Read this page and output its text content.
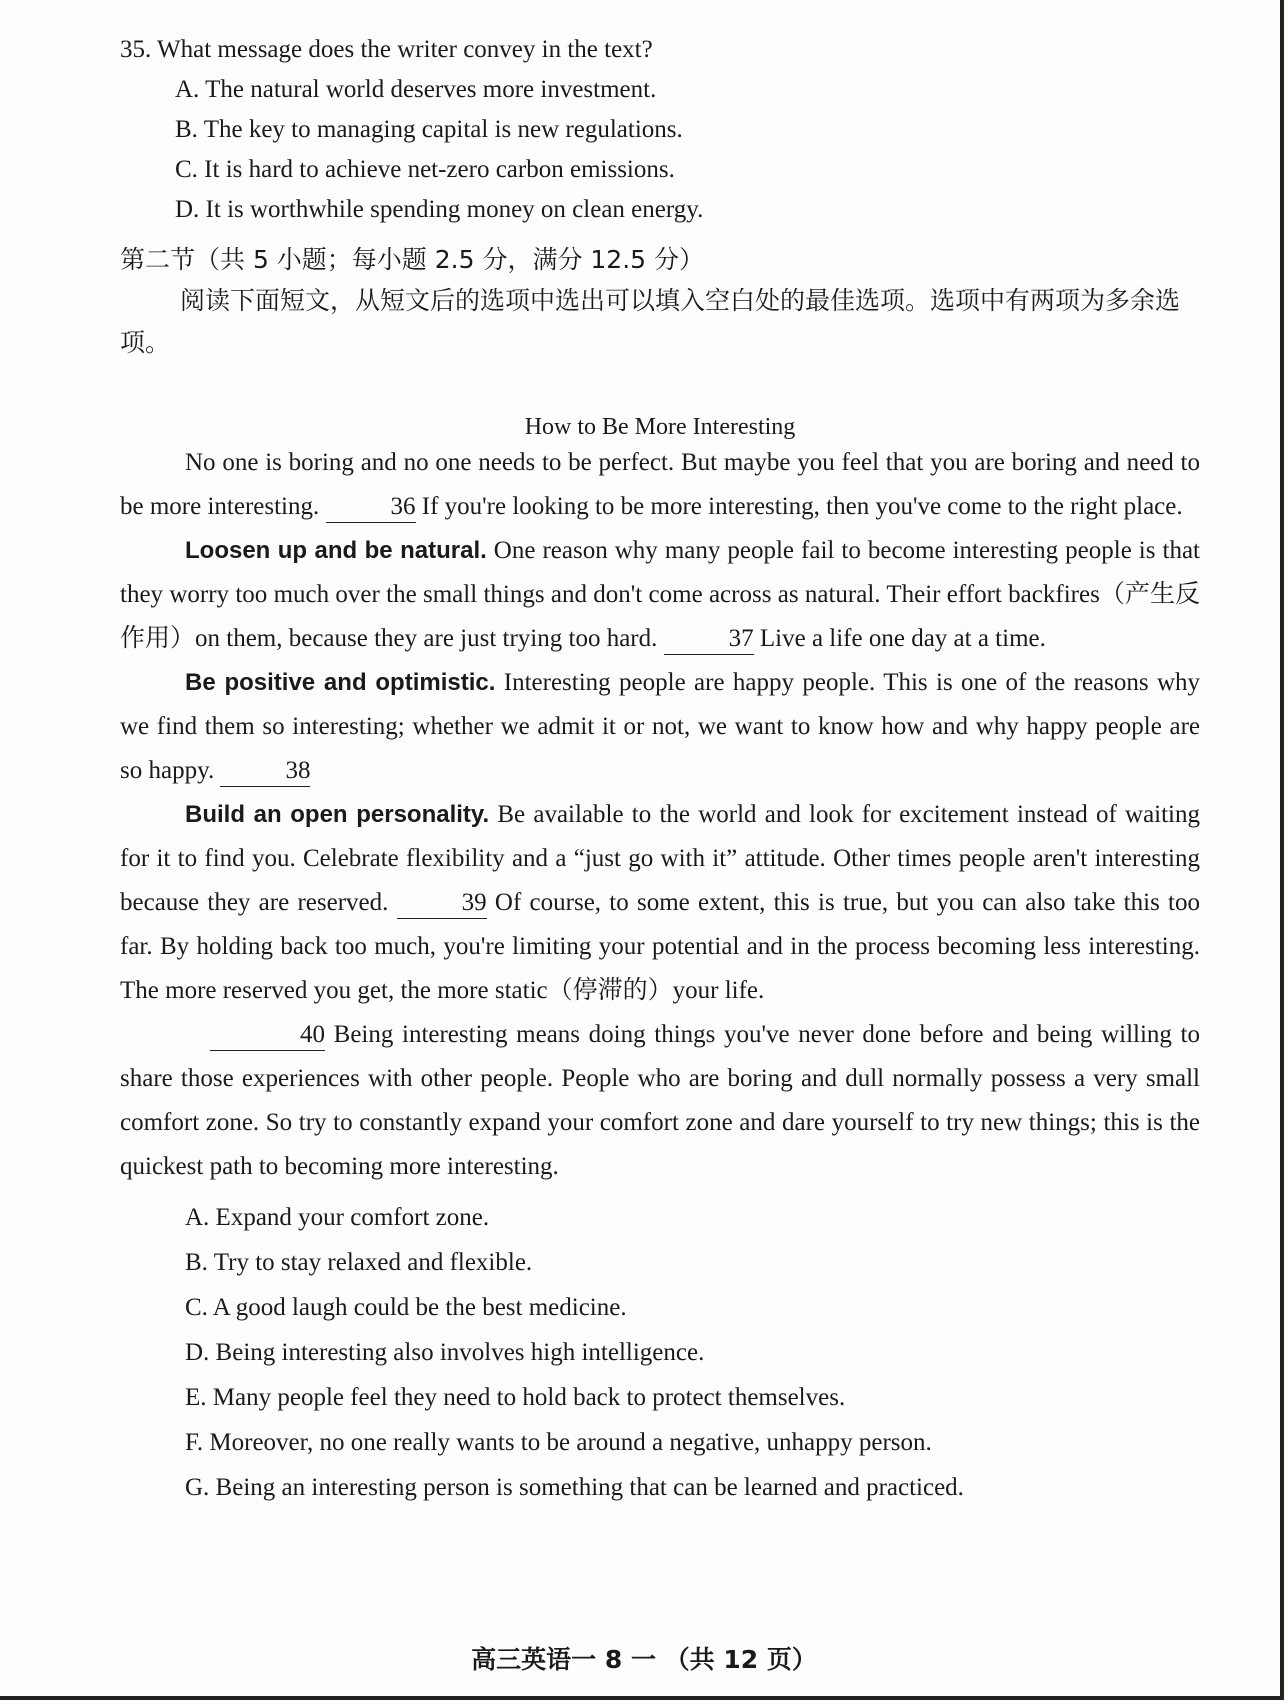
35. What message does the writer convey in the text?
A. The natural world deserves more investment.
B. The key to managing capital is new regulations.
C. It is hard to achieve net-zero carbon emissions.
D. It is worthwhile spending money on clean energy.
第二节（共 5 小题；每小题 2.5 分，满分 12.5 分）
阅读下面短文，从短文后的选项中选出可以填入空白处的最佳选项。选项中有两项为多余选项。
How to Be More Interesting

No one is boring and no one needs to be perfect. But maybe you feel that you are boring and need to be more interesting.	36 If you're looking to be more interesting, then you've come to the right place.

Loosen up and be natural. One reason why many people fail to become interesting people is that they worry too much over the small things and don't come across as natural. Their effort backfires（产生反作用）on them, because they are just trying too hard.	37 Live a life one day at a time.

Be positive and optimistic. Interesting people are happy people. This is one of the reasons why we find them so interesting; whether we admit it or not, we want to know how and why happy people are so happy.	38

Build an open personality. Be available to the world and look for excitement instead of waiting for it to find you. Celebrate flexibility and a “just go with it” attitude. Other times people aren't interesting because they are reserved.	39 Of course, to some extent, this is true, but you can also take this too far. By holding back too much, you're limiting your potential and in the process becoming less interesting. The more reserved you get, the more static（停滞的）your life.

40 Being interesting means doing things you've never done before and being willing to share those experiences with other people. People who are boring and dull normally possess a very small comfort zone. So try to constantly expand your comfort zone and dare yourself to try new things; this is the quickest path to becoming more interesting.

A. Expand your comfort zone.
B. Try to stay relaxed and flexible.
C. A good laugh could be the best medicine.
D. Being interesting also involves high intelligence.
E. Many people feel they need to hold back to protect themselves.
F. Moreover, no one really wants to be around a negative, unhappy person.
G. Being an interesting person is something that can be learned and practiced.
高三英语一 8 一 （共 12 页）
